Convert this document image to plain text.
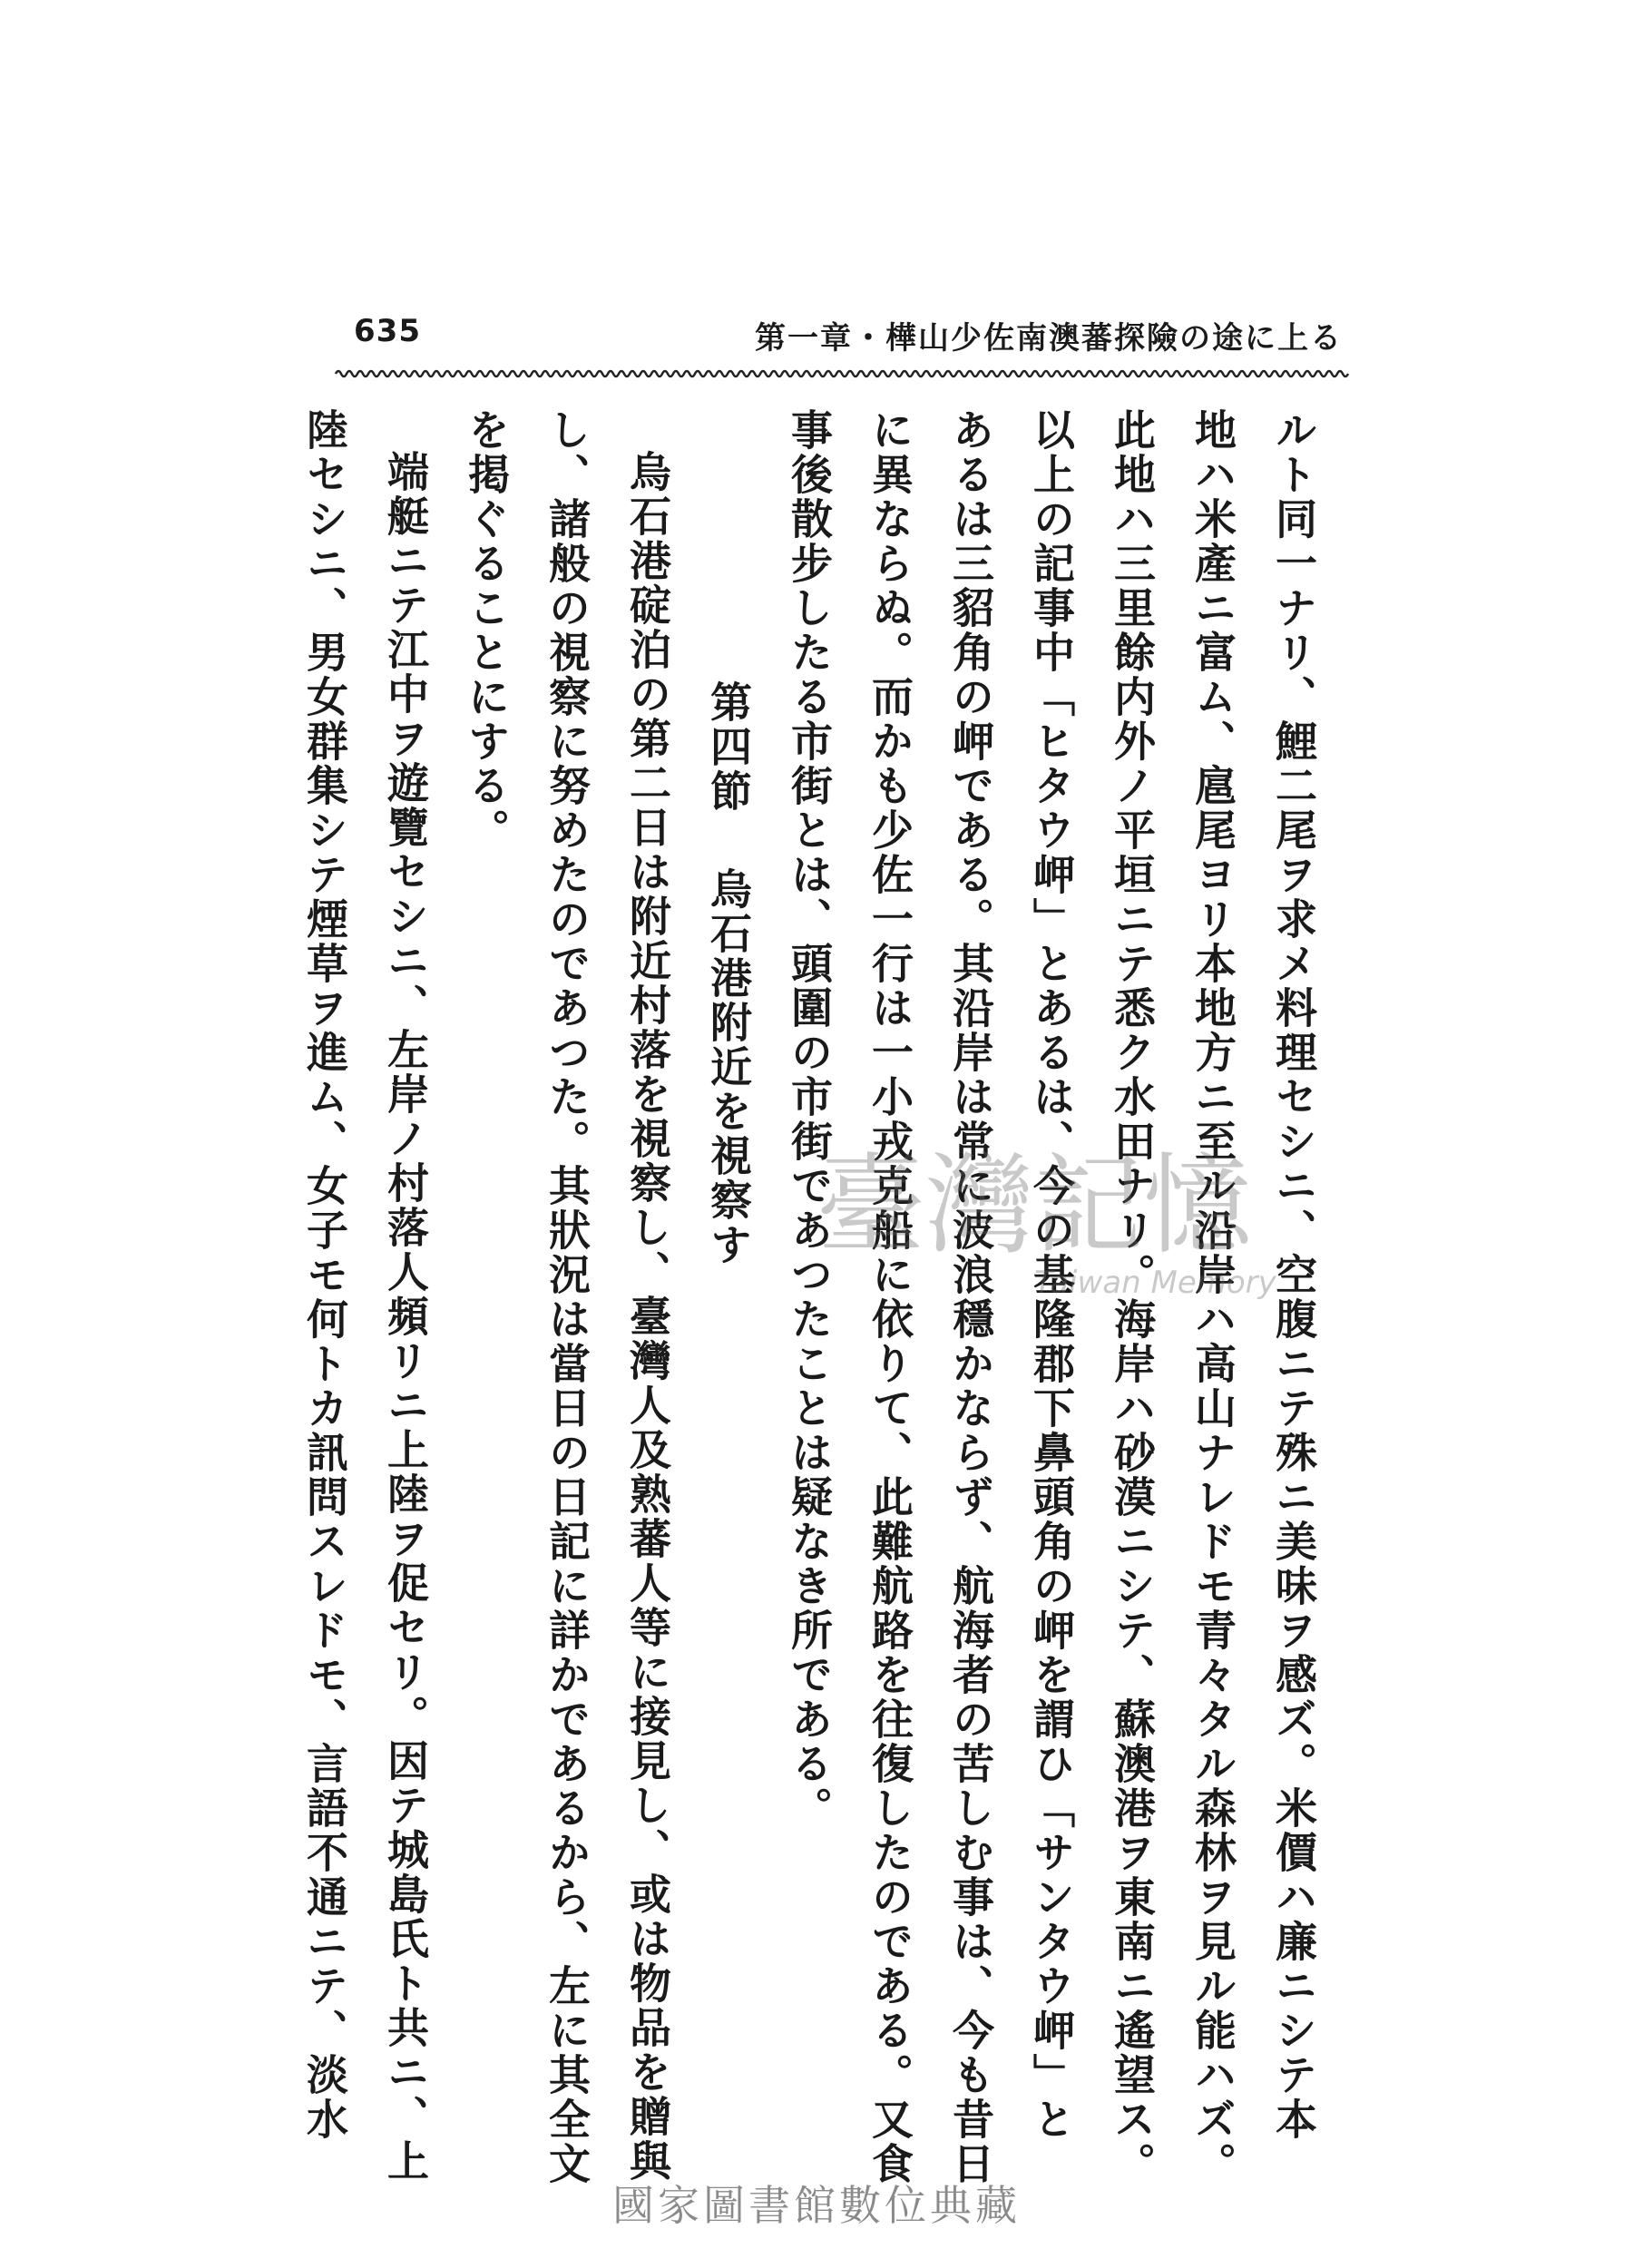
635	第一章・樺山少佐南澳蕃探險の途に上る

ルト同一ナリ、鯉二尾ヲ求メ料理セシニ、空腹ニテ殊ニ美味ヲ感ズ。米價ハ廉ニシテ本

地ハ米產ニ富ム、扈尾ヨリ本地方ニ至ル沿岸ハ高山ナレドモ青々タル森林ヲ見ル能ハズ。

此地ハ三里餘内外ノ平垣ニテ悉ク水田ナリ。海岸ハ砂漠ニシテ、蘇澳港ヲ東南ニ遙望ス。

以上の記事中「ヒタウ岬」とあるは、今の基隆郡下鼻頭角の岬を謂ひ「サンタウ岬」と

あるは三貂角の岬である。其沿岸は常に波浪穩かならず、航海者の苦しむ事は、今も昔日

に異ならぬ。而かも少佐一行は一小戎克船に依りて、此難航路を往復したのである。又食

事後散步したる市街とは、頭圍の市街であつたことは疑なき所である。

第四節 烏石港附近を視察す

烏石港碇泊の第二日は附近村落を視察し、臺灣人及熟蕃人等に接見し、或は物品を贈與

し、諸般の視察に努めたのであつた。其狀況は當日の日記に詳かであるから、左に其全文

を掲ぐることにする。

端艇ニテ江中ヲ遊覽セシニ、左岸ノ村落人頻リニ上陸ヲ促セリ。因テ城島氏ト共ニ、上

陸セシニ、男女群集シテ煙草ヲ進ム、女子モ何トカ訊問スレドモ、言語不通ニテ、淡水	臺灣記憶
Taiwan Memory
國家圖書館數位典藏
